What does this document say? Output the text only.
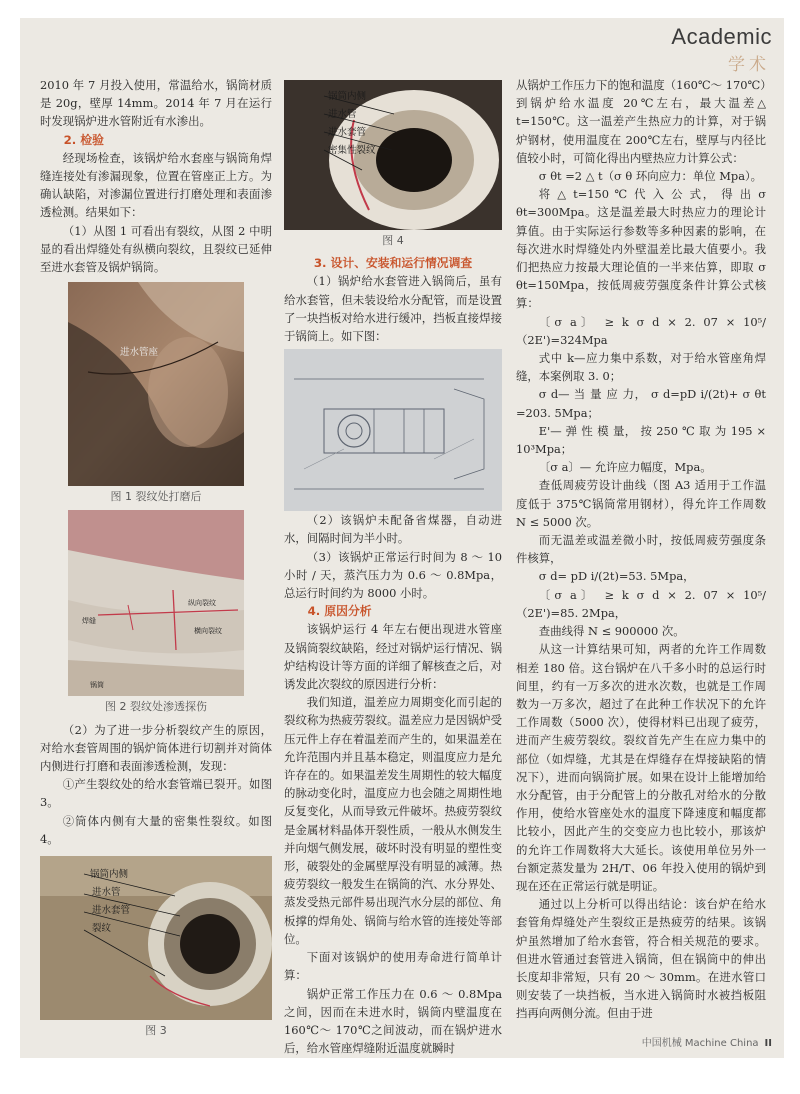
Academic
学术

2010 年 7 月投入使用，常温给水，锅筒材质是 20g，壁厚 14mm。2014 年 7 月在运行时发现锅炉进水管附近有水渗出。

2. 检验

经现场检查，该锅炉给水套座与锅筒角焊缝连接处有渗漏现象，位置在管座正上方。为确认缺陷，对渗漏位置进行打磨处理和表面渗透检测。结果如下：

（1）从图 1 可看出有裂纹，从图 2 中明显的看出焊缝处有纵横向裂纹，且裂纹已延伸至进水套管及锅炉锅筒。

进水管座
图 1 裂纹处打磨后
纵向裂纹
横向裂纹
焊缝
锅筒
图 2 裂纹处渗透探伤

（2）为了进一步分析裂纹产生的原因，对给水套管周围的锅炉筒体进行切割并对筒体内侧进行打磨和表面渗透检测，发现：

①产生裂纹处的给水套管端已裂开。如图 3。

②筒体内侧有大量的密集性裂纹。如图 4。

锅筒内侧
进水管
进水套管
裂纹
图 3
锅筒内侧
进水管
进水套管
密集性裂纹
图 4
3. 设计、安装和运行情况调查

（1）锅炉给水套管进入锅筒后，虽有给水套管，但未装设给水分配管，而是设置了一块挡板对给水进行缓冲，挡板直接焊接于锅筒上。如下图：

（2）该锅炉未配备省煤器，自动进水，间隔时间为半小时。

（3）该锅炉正常运行时间为 8 ～ 10 小时 / 天，蒸汽压力为 0.6 ～ 0.8Mpa，总运行时间约为 8000 小时。

4. 原因分析

该锅炉运行 4 年左右便出现进水管座及锅筒裂纹缺陷，经过对锅炉运行情况、锅炉结构设计等方面的详细了解核查之后，对诱发此次裂纹的原因进行分析：

我们知道，温差应力周期变化而引起的裂纹称为热疲劳裂纹。温差应力是因锅炉受压元件上存在着温差而产生的，如果温差在允许范围内并且基本稳定，则温度应力是允许存在的。如果温差发生周期性的较大幅度的脉动变化时，温度应力也会随之周期性地反复变化，从而导致元件破坏。热疲劳裂纹是金属材料晶体开裂性质，一般从水侧发生并向烟气侧发展，破坏时没有明显的塑性变形，破裂处的金属壁厚没有明显的减薄。热疲劳裂纹一般发生在锅筒的汽、水分界处、蒸发受热元部件易出现汽水分层的部位、角板撑的焊角处、锅筒与给水管的连接处等部位。

下面对该锅炉的使用寿命进行简单计算：

锅炉正常工作压力在 0.6 ～ 0.8Mpa 之间，因而在未进水时，锅筒内壁温度在 160℃～ 170℃之间波动，而在锅炉进水后，给水管座焊缝附近温度就瞬时

从锅炉工作压力下的饱和温度（160℃～ 170℃）到锅炉给水温度 20℃左右，最大温差△ t=150℃。这一温差产生热应力的计算，对于锅炉钢材，使用温度在 200℃左右，壁厚与内径比值较小时，可简化得出内壁热应力计算公式：

σ θt =2 △ t（σ θ 环向应力：单位 Mpa）。

将 △ t=150 ℃ 代 入 公 式， 得 出 σ θt=300Mpa。这是温差最大时热应力的理论计算值。由于实际运行参数等多种因素的影响，在每次进水时焊缝处内外壁温差比最大值要小。我们把热应力按最大理论值的一半来估算，即取 σ θt=150Mpa，按低周疲劳强度条件计算公式核算：

〔σ a〕 ≥ k σ d × 2. 07 × 10⁵/（2E')=324Mpa

式中 k—应力集中系数，对于给水管座角焊缝，本案例取 3. 0；

σ d— 当 量 应 力， σ d=pD i/(2t)+ σ θt =203. 5Mpa；

E'— 弹 性 模 量， 按 250 ℃ 取 为 195 × 10³Mpa；

〔σ a〕— 允许应力幅度，Mpa。

查低周疲劳设计曲线（图 A3 适用于工作温度低于 375℃锅筒常用钢材），得允许工作周数 N ≤ 5000 次。

而无温差或温差微小时，按低周疲劳强度条件核算，

σ d= pD i/(2t)=53. 5Mpa，

〔σ a〕 ≥ k σ d × 2. 07 × 10⁵/（2E')=85. 2Mpa，

查曲线得 N ≤ 900000 次。

从这一计算结果可知，两者的允许工作周数相差 180 倍。这台锅炉在八千多小时的总运行时间里，约有一万多次的进水次数，也就是工作周数为一万多次，超过了在此种工作状况下的允许工作周数（5000 次），使得材料已出现了疲劳，进而产生疲劳裂纹。裂纹首先产生在应力集中的部位（如焊缝，尤其是在焊缝存在焊接缺陷的情况下），进而向锅筒扩展。如果在设计上能增加给水分配管，由于分配管上的分散孔对给水的分散作用，使给水管座处水的温度下降速度和幅度都比较小，因此产生的交变应力也比较小，那该炉的允许工作周数将大大延长。该使用单位另外一台额定蒸发量为 2H/T、06 年投入使用的锅炉到现在还在正常运行就是明证。

通过以上分析可以得出结论：该台炉在给水套管角焊缝处产生裂纹正是热疲劳的结果。该锅炉虽然增加了给水套管，符合相关规范的要求。但进水管通过套管进入锅筒，但在锅筒中的伸出长度却非常短，只有 20 ～ 30mm。在进水管口则安装了一块挡板，当水进入锅筒时水被挡板阻挡再向两侧分流。但由于进

中国机械 Machine China II
